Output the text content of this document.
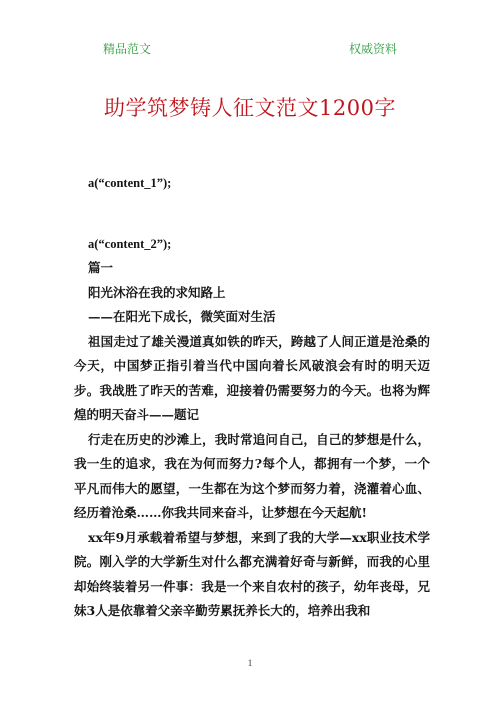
精品范文	权威资料
助学筑梦铸人征文范文1200字

a(“content_1”);

a(“content_2”);

篇一

阳光沐浴在我的求知路上

——在阳光下成长，微笑面对生活

祖国走过了雄关漫道真如铁的昨天，跨越了人间正道是沧桑的今天，中国梦正指引着当代中国向着长风破浪会有时的明天迈步。我战胜了昨天的苦难，迎接着仍需要努力的今天。也将为辉煌的明天奋斗——题记

行走在历史的沙滩上，我时常追问自己，自己的梦想是什么，我一生的追求，我在为何而努力?每个人，都拥有一个梦，一个平凡而伟大的愿望，一生都在为这个梦而努力着，浇灌着心血、经历着沧桑……你我共同来奋斗，让梦想在今天起航!

xx年9月承载着希望与梦想，来到了我的大学—xx职业技术学院。刚入学的大学新生对什么都充满着好奇与新鲜，而我的心里却始终装着另一件事：我是一个来自农村的孩子，幼年丧母，兄妹3人是依靠着父亲辛勤劳累抚养长大的，培养出我和

1
